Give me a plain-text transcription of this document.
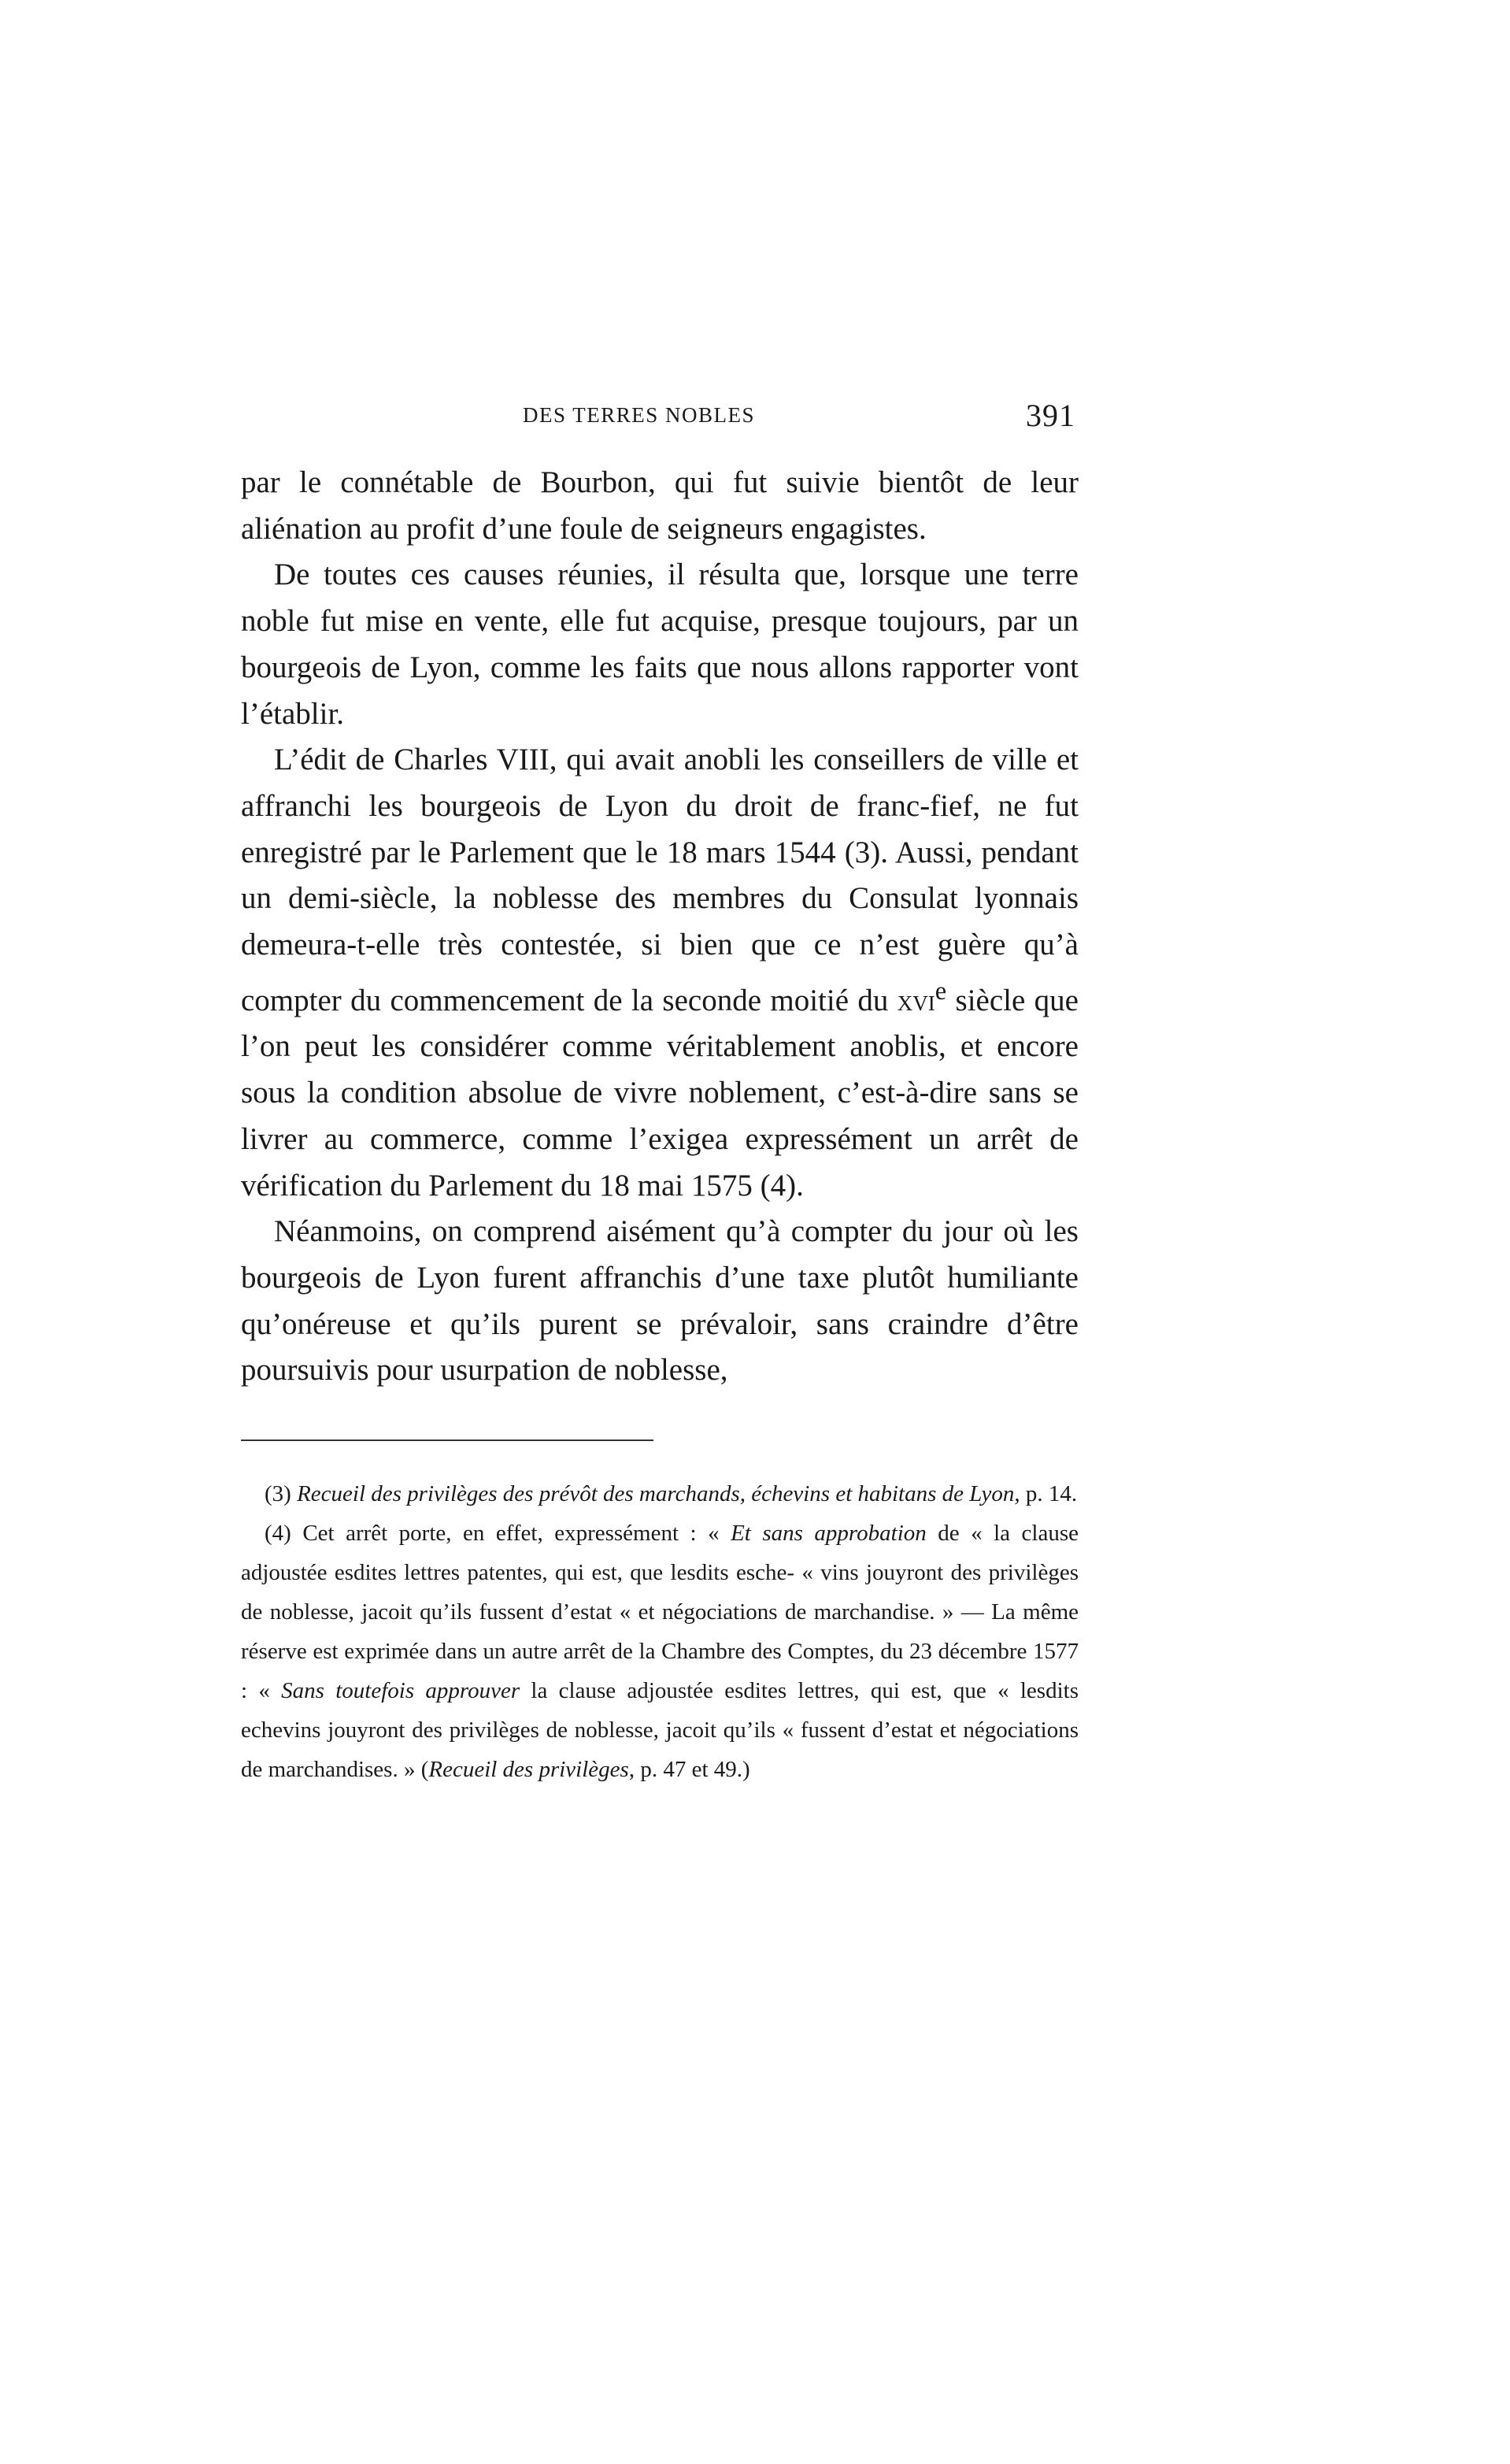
DES TERRES NOBLES	391

par le connétable de Bourbon, qui fut suivie bientôt de leur aliénation au profit d’une foule de seigneurs engagistes.

De toutes ces causes réunies, il résulta que, lorsque une terre noble fut mise en vente, elle fut acquise, presque toujours, par un bourgeois de Lyon, comme les faits que nous allons rapporter vont l’établir.

L’édit de Charles VIII, qui avait anobli les conseillers de ville et affranchi les bourgeois de Lyon du droit de franc-fief, ne fut enregistré par le Parlement que le 18 mars 1544 (3). Aussi, pendant un demi-siècle, la noblesse des membres du Consulat lyonnais demeura-t-elle très contestée, si bien que ce n’est guère qu’à compter du commencement de la seconde moitié du xvi$^e$ siècle que l’on peut les considérer comme véritablement anoblis, et encore sous la condition absolue de vivre noblement, c’est-à-dire sans se livrer au commerce, comme l’exigea expressément un arrêt de vérification du Parlement du 18 mai 1575 (4).

Néanmoins, on comprend aisément qu’à compter du jour où les bourgeois de Lyon furent affranchis d’une taxe plutôt humiliante qu’onéreuse et qu’ils purent se prévaloir, sans craindre d’être poursuivis pour usurpation de noblesse,

(3) Recueil des privilèges des prévôt des marchands, échevins et habitans de Lyon, p. 14.

(4) Cet arrêt porte, en effet, expressément : « Et sans approbation de « la clause adjoustée esdites lettres patentes, qui est, que lesdits esche- « vins jouyront des privilèges de noblesse, jacoit qu’ils fussent d’estat « et négociations de marchandise. » — La même réserve est exprimée dans un autre arrêt de la Chambre des Comptes, du 23 décembre 1577 : « Sans toutefois approuver la clause adjoustée esdites lettres, qui est, que « lesdits echevins jouyront des privilèges de noblesse, jacoit qu’ils « fussent d’estat et négociations de marchandises. » (Recueil des privilèges, p. 47 et 49.)
